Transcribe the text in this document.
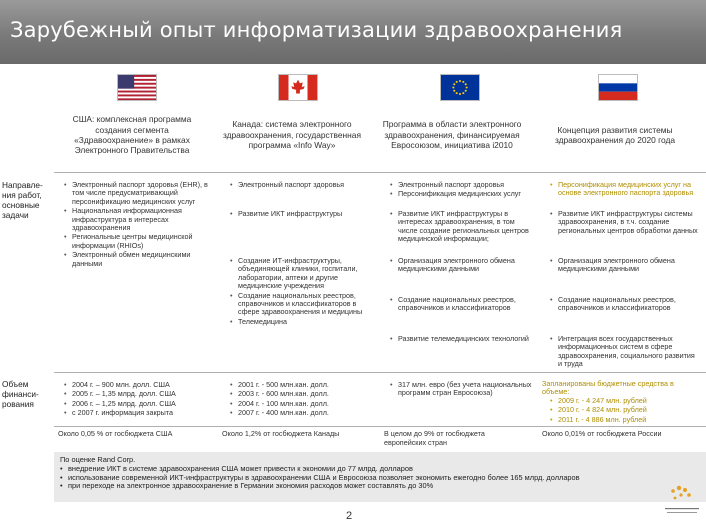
Зарубежный опыт информатизации здравоохранения
США: комплексная программа создания сегмента «Здравоохранение» в рамках Электронного Правительства
Канада: система электронного здравоохранения, государственная программа «Info Way»
Программа в области электронного здравоохранения, финансируемая Евросоюзом, инициатива i2010
Концепция развития системы здравоохранения до 2020 года
Направле-ния работ, основные задачи
Объем финанси-рования
• Электронный паспорт здоровья (EHR), в том числе предусматривающий персонификацию медицинских услуг
• Национальная информационная инфраструктура в интересах здравоохранения
• Региональные центры медицинской информации (RHIOs)
• Электронный обмен медицинскими данными
• Электронный паспорт здоровья
• Развитие ИКТ инфраструктуры
• Создание ИТ-инфраструктуры, объединяющей клиники, госпитали, лаборатории, аптеки и другие медицинские учреждения
• Создание национальных реестров, справочников и классификаторов в сфере здравоохранения и медицины
• Телемедицина
• Электронный паспорт здоровья
• Персонификация медицинских услуг
• Развитие ИКТ инфраструктуры в интересах здравоохранения, в том числе создание региональных центров медицинской информации;
• Организация электронного обмена медицинскими данными
• Создание национальных реестров, справочников и классификаторов
• Развитие телемедицинских технологий
• Персонификация медицинских услуг на основе электронного паспорта здоровья
• Развитие ИКТ инфраструктуры системы здравоохранения, в т.ч. создание региональных центров обработки данных
• Организация электронного обмена медицинскими данными
• Создание национальных реестров, справочников и классификаторов
• Интеграция всех государственных информационных систем в сфере здравоохранения, социального развития и труда
• 2004 г. – 900 млн. долл. США
• 2005 г. – 1,35 млрд. долл. США
• 2006 г. – 1,25 млрд. долл. США
• с 2007 г. информация закрыта
• 2001 г. - 500 млн.кан. долл.
• 2003 г. - 600 млн.кан. долл.
• 2004 г. - 100 млн.кан. долл.
• 2007 г. - 400 млн.кан. долл.
• 317 млн. евро (без учета национальных программ стран Евросоюза)
Запланированы бюджетные средства в объеме:
• 2009 г. - 4 247 млн. рублей
• 2010 г. - 4 824 млн. рублей
• 2011 г. - 4 886 млн. рублей
Около 0,05 % от госбюджета США	Около 1,2% от госбюджета Канады	В целом до 9% от госбюджета европейских стран
Около 0,01% от госбюджета России
По оценке Rand Corp.
• внедрение ИКТ в системе здравоохранения США может привести к экономии до 77 млрд. долларов
• использование современной ИКТ-инфраструктуры в здравоохранении США и Евросоюза позволяет экономить ежегодно более 165 млрд. долларов
• при переходе на электронное здравоохранение в Германии экономия расходов может составлять до 30%
2
